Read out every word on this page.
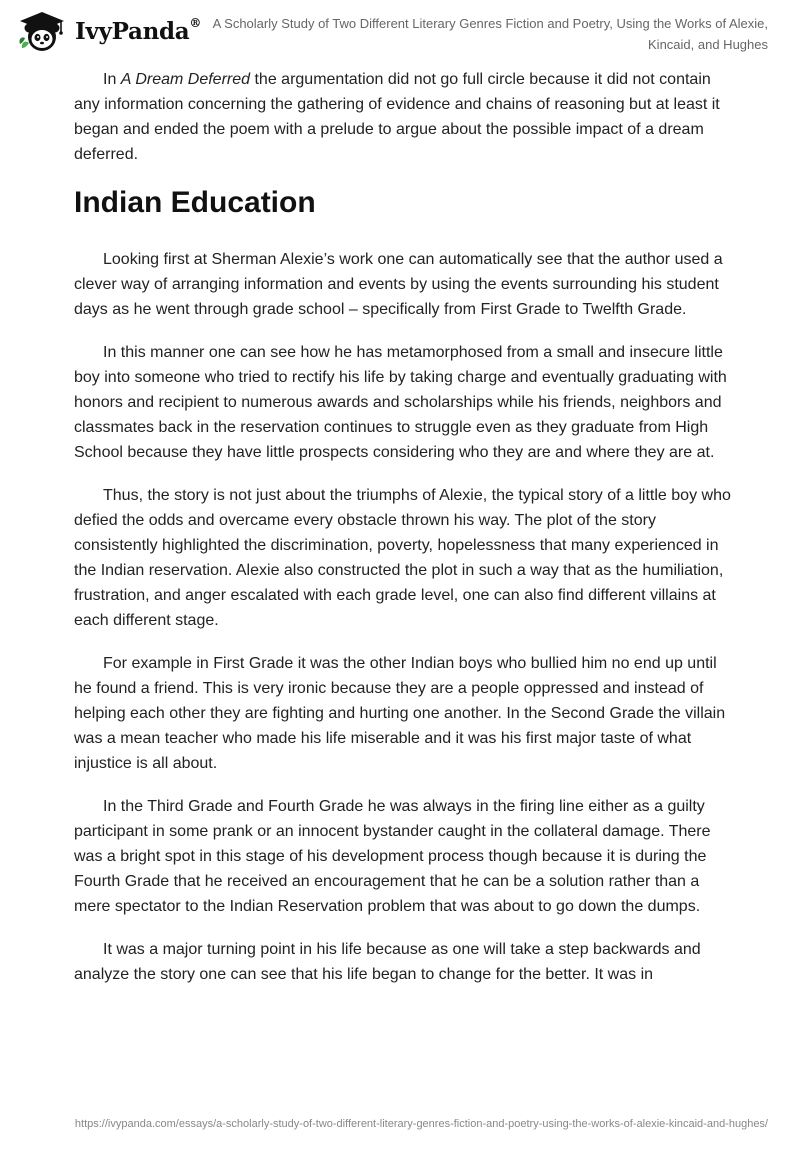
IvyPanda® A Scholarly Study of Two Different Literary Genres Fiction and Poetry, Using the Works of Alexie, Kincaid, and Hughes

In A Dream Deferred the argumentation did not go full circle because it did not contain any information concerning the gathering of evidence and chains of reasoning but at least it began and ended the poem with a prelude to argue about the possible impact of a dream deferred.

Indian Education

Looking first at Sherman Alexie’s work one can automatically see that the author used a clever way of arranging information and events by using the events surrounding his student days as he went through grade school – specifically from First Grade to Twelfth Grade.

In this manner one can see how he has metamorphosed from a small and insecure little boy into someone who tried to rectify his life by taking charge and eventually graduating with honors and recipient to numerous awards and scholarships while his friends, neighbors and classmates back in the reservation continues to struggle even as they graduate from High School because they have little prospects considering who they are and where they are at.

Thus, the story is not just about the triumphs of Alexie, the typical story of a little boy who defied the odds and overcame every obstacle thrown his way. The plot of the story consistently highlighted the discrimination, poverty, hopelessness that many experienced in the Indian reservation. Alexie also constructed the plot in such a way that as the humiliation, frustration, and anger escalated with each grade level, one can also find different villains at each different stage.

For example in First Grade it was the other Indian boys who bullied him no end up until he found a friend. This is very ironic because they are a people oppressed and instead of helping each other they are fighting and hurting one another. In the Second Grade the villain was a mean teacher who made his life miserable and it was his first major taste of what injustice is all about.

In the Third Grade and Fourth Grade he was always in the firing line either as a guilty participant in some prank or an innocent bystander caught in the collateral damage. There was a bright spot in this stage of his development process though because it is during the Fourth Grade that he received an encouragement that he can be a solution rather than a mere spectator to the Indian Reservation problem that was about to go down the dumps.

It was a major turning point in his life because as one will take a step backwards and analyze the story one can see that his life began to change for the better. It was in

https://ivypanda.com/essays/a-scholarly-study-of-two-different-literary-genres-fiction-and-poetry-using-the-works-of-alexie-kincaid-and-hughes/
